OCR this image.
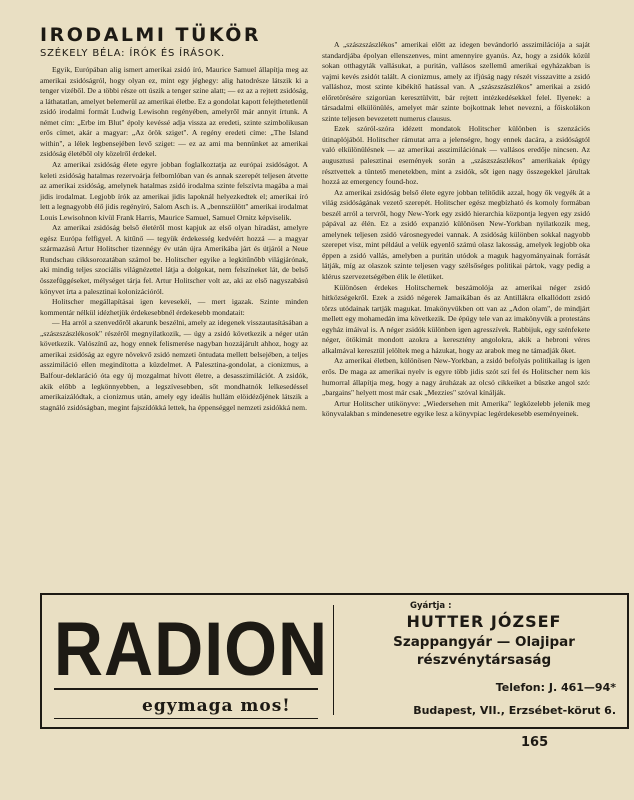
IRODALMI TÜKÖR
SZÉKELY BÉLA: ÍRÓK ÉS ÍRÁSOK.

Egyik, Európában alig ismert amerikai zsidó író, Maurice Samuel állapítja meg az amerikai zsidóságról, hogy olyan ez, mint egy jéghegy: alig hatodrésze látszik ki a tenger vizéből. De a többi része ott úszik a tenger szine alatt; — ez az a rejtett zsidóság, a láthatatlan, amelyet belemerül az amerikai életbe. Ez a gondolat kapott felejthetetlenül zsidó irodalmi formát Ludwig Lewisohn regényében, amelyről már annyit írtunk. A német cím: „Erbe im Blut" époly kevéssé adja vissza az eredeti, szinte szimbolikusan erős címet, akár a magyar: „Az örök sziget". A regény eredeti címe: „The Island within", a lélek legbensejében levő sziget: — ez az ami ma bennünket az amerikai zsidóság életéből oly közelről érdekel.

Az amerikai zsidóság élete egyre jobban foglalkoztatja az európai zsidóságot. A keleti zsidóság hatalmas rezervoárja felbomlóban van és annak szerepét teljesen átvette az amerikai zsidóság, amelynek hatalmas zsidó irodalma szinte felszívta magába a mai jidis irodalmat. Legjobb írók az amerikai jidis lapoknál helyezkedtek el; amerikai író lett a legnagyobb élő jidis regényíró, Salom Asch is. A „bennszülött" amerikai irodalmat Louis Lewisohnon kívül Frank Harris, Maurice Samuel, Samuel Ornitz képviselik.

Az amerikai zsidóság belső életéről most kapjuk az első olyan híradást, amelyre egész Európa felfigyel. A kitűnő — tegyük érdekesség kedvéért hozzá — a magyar származású Artur Holitscher tizennégy év után újra Amerikába járt és útjáról a Neue Rundschau cikksorozatában számol be. Holitscher egyike a legkitűnőbb világjárónak, aki mindig teljes szociális világnézettel látja a dolgokat, nem felszíneket lát, de belső összefüggéseket, mélységet tárja fel. Artur Holitscher volt az, aki az első nagyszabású könyvet írta a palesztinai kolonizációról.

Holitscher megállapításai igen kevesekéi, — mert igazak. Szinte minden kommentár nélkül idézhetjük érdekesebbnél érdekesebb mondatait:

— Ha arról a szenvedőről akarunk beszélni, amely az idegenek visszautasításában a „szászszászlékosok" részéről megnyilatkozik, — úgy a zsidó következik a néger után következik. Valószínű az, hogy ennek felismerése nagyban hozzájárult ahhoz, hogy az amerikai zsidóság az egyre növekvő zsidó nemzeti öntudata mellett belsejében, a teljes asszimiláció ellen megindította a küzdelmet. A Palesztina-gondolat, a cionizmus, a Balfour-deklaráció óta egy új mozgalmat hívott életre, a desasszimilációt. A zsidók, akik előbb a legkönnyebben, a legszívesebben, sőt mondhatnók lelkesedéssel amerikaizálódtak, a cionizmus után, amely egy ideális hullám elöidézőjének látszik a stagnáló zsidóságban, megint fajszídókká lettek, ha éppenséggel nemzeti zsidókká nem.

A „szászszászlékos" amerikai előtt az idegen bevándorló asszimilációja a saját standardjába épolyan ellenszenves, mint amennyire gyanús. Az, hogy a zsidók közül sokan otthagyták vallásukat, a puritán, vallásos szellemű amerikai egyházakban is vajmi kevés zsidót talált. A cionizmus, amely az ifjúság nagy részét visszavitte a zsidó valláshoz, most szinte kibékítő hatással van. A „szászszászlékos" amerikai a zsidó előretörésére szigorúan keresztülvitt, bár rejtett intézkedésekkel felel. Ilyenek: a társadalmi elkülönülés, amelyet már szinte bojkottnak lehet nevezni, a főiskolákon szinte teljesen bevezetett numerus clausus.

Ezek szóról-szóra idézett mondatok Holitscher különben is szenzációs útinaplójából. Holitscher rámutat arra a jelenségre, hogy ennek dacára, a zsidóságtól való elkülönülésnek — az amerikai asszimilációnak — vallásos eredője nincsen. Az augusztusi palesztinai események során a „szászszászlékos" amerikaiak épúgy résztvettek a tüntető menetekben, mint a zsidók, sőt igen nagy összegekkel járultak hozzá az emergency found-hoz.

Az amerikai zsidóság belső élete egyre jobban telítődik azzal, hogy ők vegyék át a világ zsidóságának vezető szerepét. Holitscher egész megbízható és komoly formában beszél arról a tervről, hogy New-York egy zsidó hierarchia központja legyen egy zsidó pápával az élén. Ez a zsidó expanzió különösen New-Yorkban nyilatkozik meg, amelynek teljesen zsidó városnegyedei vannak. A zsidóság különben sokkal nagyobb szerepet visz, mint például a velük egyenlő számú olasz lakosság, amelyek legjobb oka éppen a zsidó vallás, amelyben a puritán utódok a maguk hagyományainak forrását látják, míg az olaszok szinte teljesen vagy szélsőséges politikai pártok, vagy pedig a klérus szervezetségében élik le életüket.

Különösen érdekes Holitschernek beszámolója az amerikai néger zsidó hitközségekről. Ezek a zsidó négerek Jamaikában és az Antillákra elkallódott zsidó törzs utódainak tartják magukat. Imakönyvükben ott van az „Adon olam", de mindjárt mellett egy mohamedán ima következik. De épúgy tele van az imakönyvük a protestáns egyház imáival is. A néger zsidók különben igen agresszívek. Rabbijuk, egy szénfekete néger, ötökimát mondott azokra a keresztény angolokra, akik a hebroni véres alkalmával keresztül jelöltek meg a házukat, hogy az arabok meg ne támadják őket.

Az amerikai életben, különösen New-Yorkban, a zsidó befolyás politikailag is igen erős. De maga az amerikai nyelv is egyre több jidis szót szí fel és Holitscher nem kis humorral állapítja meg, hogy a nagy áruházak az olcsó cikkeiket a büszke angol szó: „bargains" helyett most már csak „Mezzies" szóval kínálják.

Artur Holitscher utikönyve: „Wiedersehen mit Amerika" legközelebb jelenik meg könyvalakban s mindenesetre egyike lesz a könyvpiac legérdekesebb eseményeinek.

RADION
egymaga mos!
Gyártja :
HUTTER JÓZSEF
Szappangyár — Olajipar
részvénytársaság
Telefon: J. 461—94*
Budapest, VII., Erzsébet-körut 6.
165
